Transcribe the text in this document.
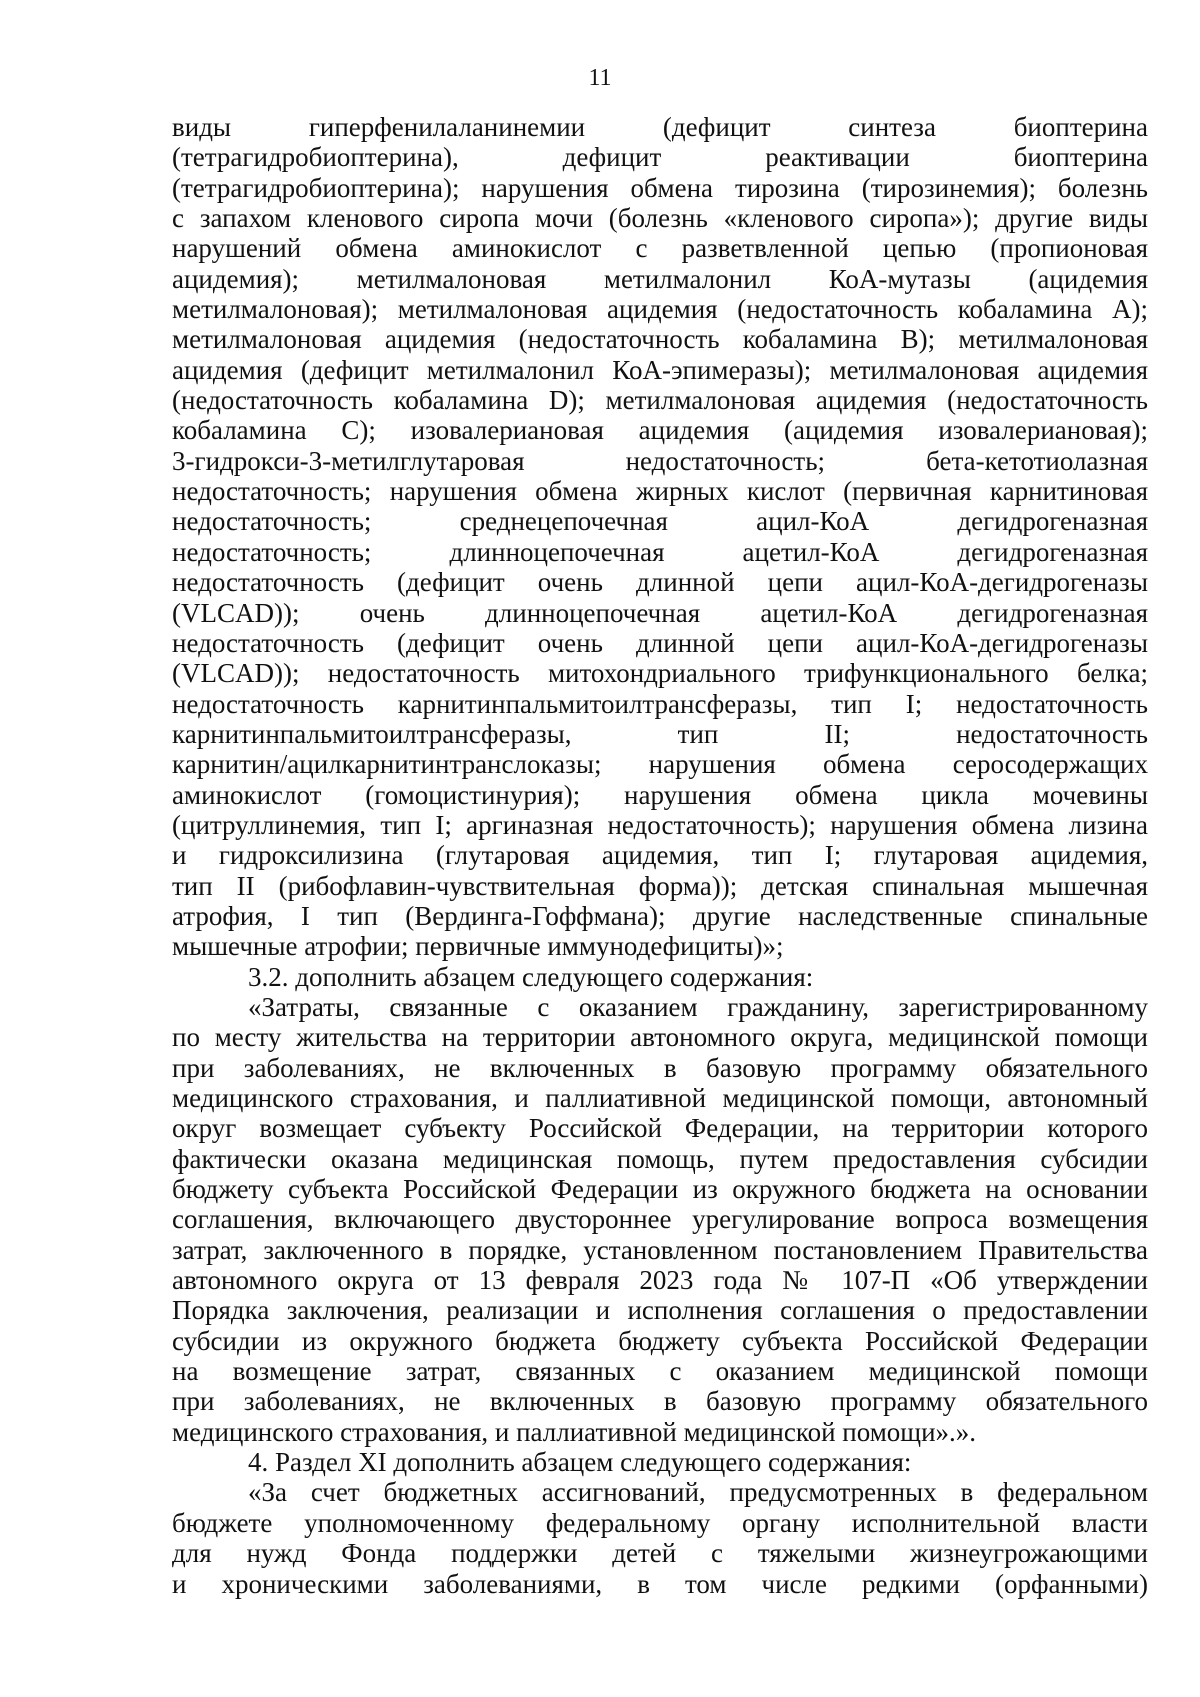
11
виды гиперфенилаланинемии (дефицит синтеза биоптерина
(тетрагидробиоптерина), дефицит реактивации биоптерина
(тетрагидробиоптерина); нарушения обмена тирозина (тирозинемия); болезнь
с запахом кленового сиропа мочи (болезнь «кленового сиропа»); другие виды
нарушений обмена аминокислот с разветвленной цепью (пропионовая
ацидемия); метилмалоновая метилмалонил КоА-мутазы (ацидемия
метилмалоновая); метилмалоновая ацидемия (недостаточность кобаламина А);
метилмалоновая ацидемия (недостаточность кобаламина В); метилмалоновая
ацидемия (дефицит метилмалонил КоА-эпимеразы); метилмалоновая ацидемия
(недостаточность кобаламина D); метилмалоновая ацидемия (недостаточность
кобаламина С); изовалериановая ацидемия (ацидемия изовалериановая);
3-гидрокси-3-метилглутаровая недостаточность; бета-кетотиолазная
недостаточность; нарушения обмена жирных кислот (первичная карнитиновая
недостаточность; среднецепочечная ацил-КоА дегидрогеназная
недостаточность; длинноцепочечная ацетил-КоА дегидрогеназная
недостаточность (дефицит очень длинной цепи ацил-КоА-дегидрогеназы
(VLCAD)); очень длинноцепочечная ацетил-КоА дегидрогеназная
недостаточность (дефицит очень длинной цепи ацил-КоА-дегидрогеназы
(VLCAD)); недостаточность митохондриального трифункционального белка;
недостаточность карнитинпальмитоилтрансферазы, тип I; недостаточность
карнитинпальмитоилтрансферазы, тип II; недостаточность
карнитин/ацилкарнитинтранслоказы; нарушения обмена серосодержащих
аминокислот (гомоцистинурия); нарушения обмена цикла мочевины
(цитруллинемия, тип I; аргиназная недостаточность); нарушения обмена лизина
и гидроксилизина (глутаровая ацидемия, тип I; глутаровая ацидемия,
тип II (рибофлавин-чувствительная форма)); детская спинальная мышечная
атрофия, I тип (Вердинга-Гоффмана); другие наследственные спинальные
мышечные атрофии; первичные иммунодефициты)»;
3.2. дополнить абзацем следующего содержания:
«Затраты, связанные с оказанием гражданину, зарегистрированному
по месту жительства на территории автономного округа, медицинской помощи
при заболеваниях, не включенных в базовую программу обязательного
медицинского страхования, и паллиативной медицинской помощи, автономный
округ возмещает субъекту Российской Федерации, на территории которого
фактически оказана медицинская помощь, путем предоставления субсидии
бюджету субъекта Российской Федерации из окружного бюджета на основании
соглашения, включающего двустороннее урегулирование вопроса возмещения
затрат, заключенного в порядке, установленном постановлением Правительства
автономного округа от 13 февраля 2023 года № 107-П «Об утверждении
Порядка заключения, реализации и исполнения соглашения о предоставлении
субсидии из окружного бюджета бюджету субъекта Российской Федерации
на возмещение затрат, связанных с оказанием медицинской помощи
при заболеваниях, не включенных в базовую программу обязательного
медицинского страхования, и паллиативной медицинской помощи».».
4. Раздел XI дополнить абзацем следующего содержания:
«За счет бюджетных ассигнований, предусмотренных в федеральном
бюджете уполномоченному федеральному органу исполнительной власти
для нужд Фонда поддержки детей с тяжелыми жизнеугрожающими
и хроническими заболеваниями, в том числе редкими (орфанными)
